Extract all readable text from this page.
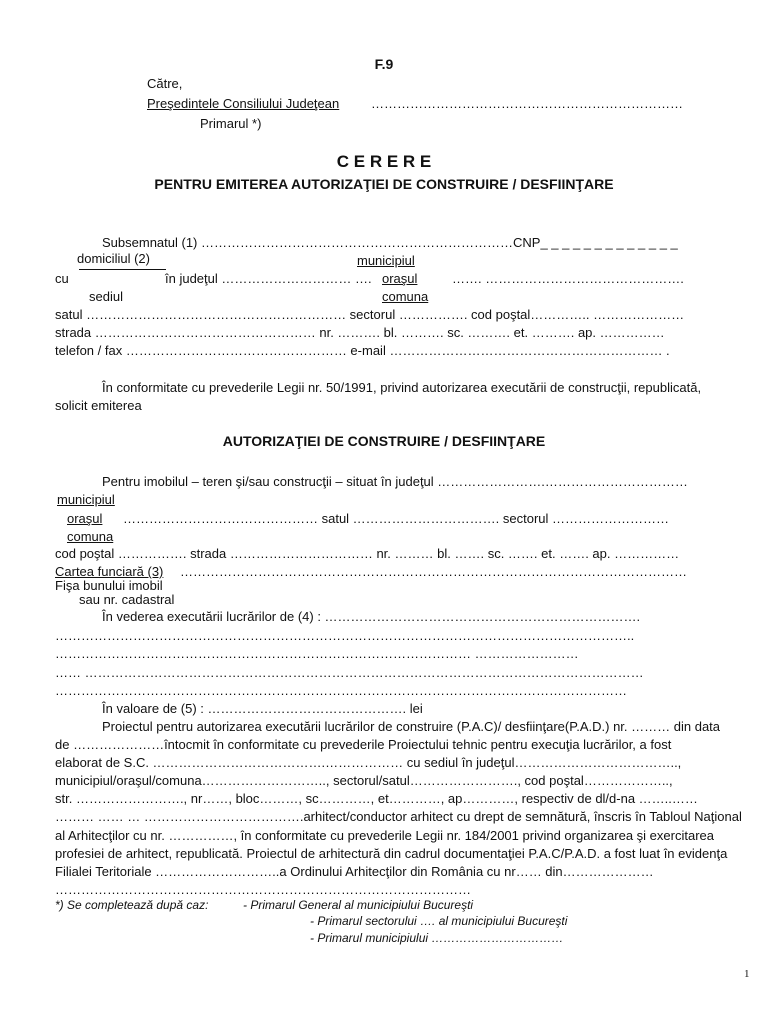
F.9
Către,
Preşedintele Consiliului Judeţean ………………………………………………………………
Primarul *)
C E R E R E
PENTRU EMITEREA AUTORIZAŢIEI DE CONSTRUIRE / DESFIINŢARE
Subsemnatul (1) ………………………………………………………………CNP_ _ _ _ _ _ _ _ _ _ _ _ _
domiciliul (2)	municipiul
cu	în judeţul ………………………… …. oraşul	……. ……………………………………….
sediul	comuna
satul …………………………………………………… sectorul ……………. cod poştal………….. …………………
strada …………………………………………… nr. ………. bl. ………. sc. ………. et. ………. ap. ……………
telefon / fax …………………………………………… e-mail ……………………………………………………… .
În conformitate cu prevederile Legii nr. 50/1991, privind autorizarea executării de construcţii, republicată,
solicit emiterea
AUTORIZAŢIEI DE CONSTRUIRE / DESFIINŢARE
Pentru imobilul – teren şi/sau construcţii – situat în judeţul …………………….……………………………
municipiul
oraşul ……………………………………… satul ……………………………. sectorul ………………………
comuna
cod poştal ……………. strada …………………………… nr. ……… bl. ……. sc. ……. et. ……. ap. ……………
Cartea funciară (3) ………………………………………………………………………………………………………
Fişa bunului imobil
sau nr. cadastral
În vederea executării lucrărilor de (4) : ……………………………………………………………….
……………………………………………………………………………………………………………………..
…………………………………………………………………………………… ……………………
…… …………………………………………………………………………………………………………………
……………………………………………………………………………………………………………………
În valoare de (5) : ………………………………………. lei
Proiectul pentru autorizarea executării lucrărilor de construire (P.A.C)/ desfiinţare(P.A.D.) nr. ……… din data
de …………………întocmit în conformitate cu prevederile Proiectului tehnic pentru execuţia lucrărilor, a fost
elaborat de S.C. ………………………………….……………… cu sediul în judeţul………………………………..,
municipiul/oraşul/comuna……………………….., sectorul/satul……………………., cod poştal………………..,
str. ……………………., nr……, bloc………, sc…………, et…………, ap…………, respectiv de dl/d-na ……..……
……… …… … ……………………………….arhitect/conductor arhitect cu drept de semnătură, înscris în Tabloul Naţional
al Arhitecţilor cu nr. ……………, în conformitate cu prevederile Legii nr. 184/2001 privind organizarea şi exercitarea
profesiei de arhitect, republicată. Proiectul de arhitectură din cadrul documentaţiei P.A.C/P.A.D. a fost luat în evidenţa
Filialei Teritoriale ………………………..a Ordinului Arhitecţilor din România cu nr…… din…………………
……………………………………………………………………………………
*) Se completează după caz:	- Primarul General al municipiului Bucureşti
- Primarul sectorului …. al municipiului Bucureşti
- Primarul municipiului ……………………………
1
